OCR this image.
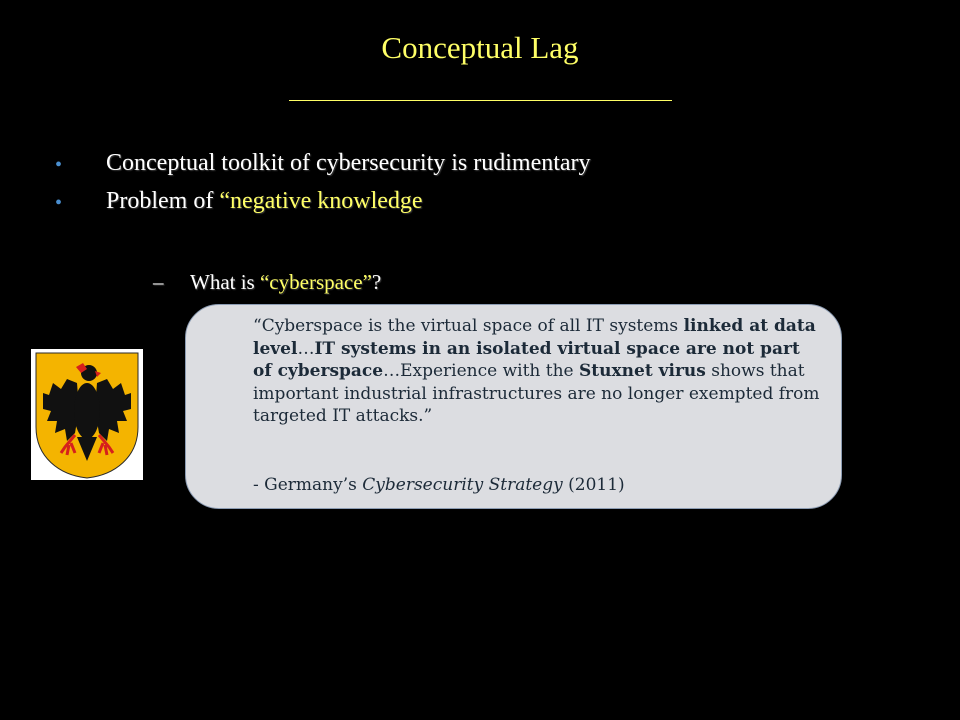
Conceptual Lag
• Conceptual toolkit of cybersecurity is rudimentary
• Problem of “negative knowledge
– What is “cyberspace”?
“Cyberspace is the virtual space of all IT systems linked at data level…IT systems in an isolated virtual space are not part of cyberspace…Experience with the Stuxnet virus shows that important industrial infrastructures are no longer exempted from targeted IT attacks.”
- Germany’s Cybersecurity Strategy (2011)
